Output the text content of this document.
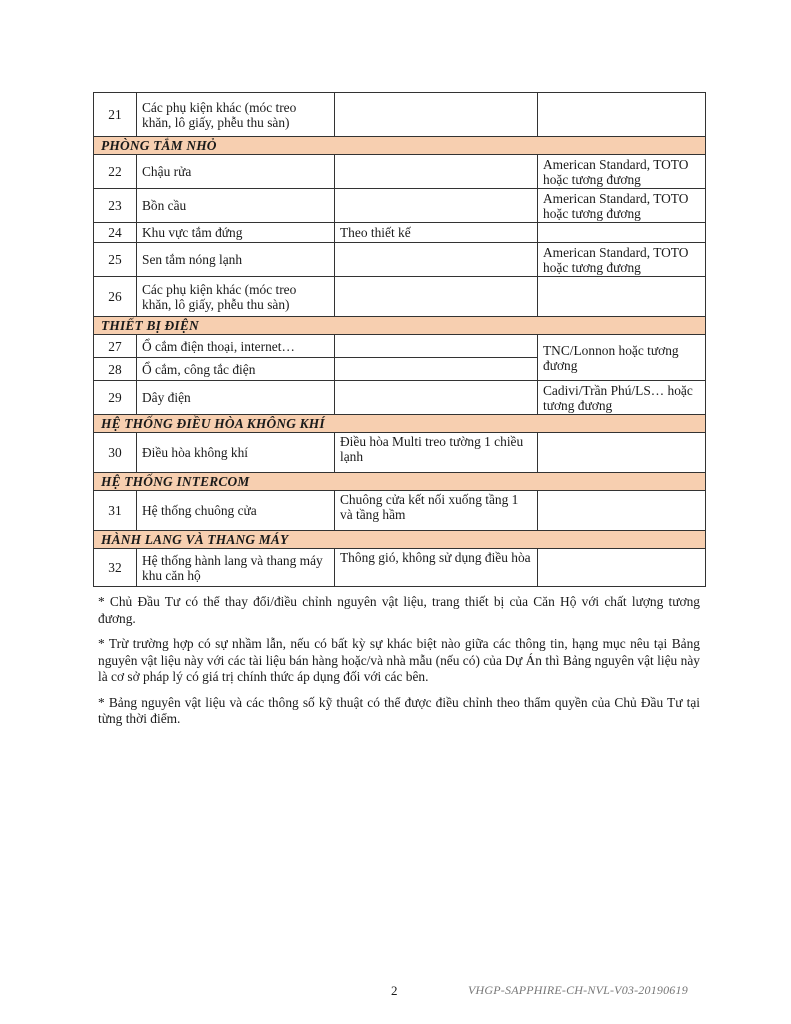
21	Các phụ kiện khác (móc treo khăn, lô giấy, phễu thu sàn)		
PHÒNG TẮM NHỎ			
22	Chậu rửa		American Standard, TOTO hoặc tương đương
23	Bồn cầu		American Standard, TOTO hoặc tương đương
24	Khu vực tắm đứng	Theo thiết kế	
25	Sen tắm nóng lạnh		American Standard, TOTO hoặc tương đương
26	Các phụ kiện khác (móc treo khăn, lô giấy, phễu thu sàn)		
THIẾT BỊ ĐIỆN			
27	Ổ cắm điện thoại, internet…		TNC/Lonnon hoặc tương đương
28	Ổ cắm, công tắc điện		
29	Dây điện		Cadivi/Trần Phú/LS… hoặc tương đương
HỆ THỐNG ĐIỀU HÒA KHÔNG KHÍ			
30	Điều hòa không khí	Điều hòa Multi treo tường 1 chiều lạnh	
HỆ THỐNG INTERCOM			
31	Hệ thống chuông cửa	Chuông cửa kết nối xuống tầng 1 và tầng hầm	
HÀNH LANG VÀ THANG MÁY			
32	Hệ thống hành lang và thang máy khu căn hộ	Thông gió, không sử dụng điều hòa	

* Chủ Đầu Tư có thể thay đổi/điều chỉnh nguyên vật liệu, trang thiết bị của Căn Hộ với chất lượng tương đương.

* Trừ trường hợp có sự nhầm lẫn, nếu có bất kỳ sự khác biệt nào giữa các thông tin, hạng mục nêu tại Bảng nguyên vật liệu này với các tài liệu bán hàng hoặc/và nhà mẫu (nếu có) của Dự Án thì Bảng nguyên vật liệu này là cơ sở pháp lý có giá trị chính thức áp dụng đối với các bên.

* Bảng nguyên vật liệu và các thông số kỹ thuật có thể được điều chỉnh theo thẩm quyền của Chủ Đầu Tư tại từng thời điểm.

2	VHGP-SAPPHIRE-CH-NVL-V03-20190619
